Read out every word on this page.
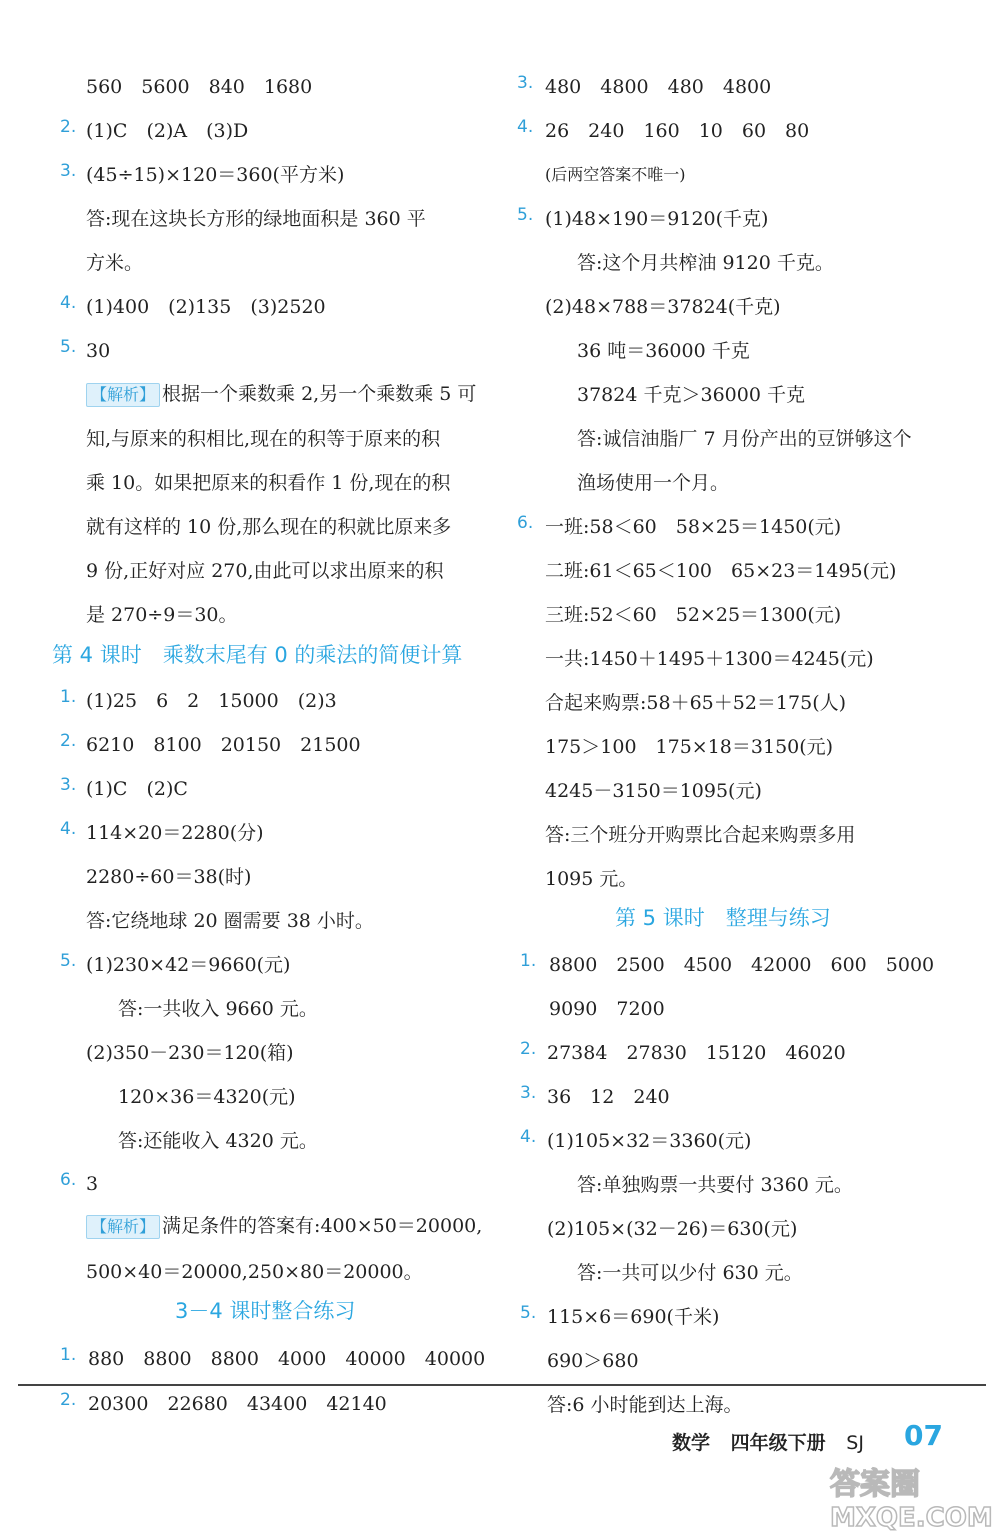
560　5600　840　1680
2. (1)C　(2)A　(3)D
3. (45÷15)×120＝360(平方米)
答:现在这块长方形的绿地面积是 360 平
方米。
4. (1)400　(2)135　(3)2520
5. 30
【解析】 根据一个乘数乘 2,另一个乘数乘 5 可
知,与原来的积相比,现在的积等于原来的积
乘 10。如果把原来的积看作 1 份,现在的积
就有这样的 10 份,那么现在的积就比原来多
9 份,正好对应 270,由此可以求出原来的积
是 270÷9＝30。
第 4 课时　乘数末尾有 0 的乘法的简便计算
1. (1)25　6　2　15000　(2)3
2. 6210　8100　20150　21500
3. (1)C　(2)C
4. 114×20＝2280(分)
2280÷60＝38(时)
答:它绕地球 20 圈需要 38 小时。
5. (1)230×42＝9660(元)
答:一共收入 9660 元。
(2)350－230＝120(箱)
120×36＝4320(元)
答:还能收入 4320 元。
6. 3
【解析】 满足条件的答案有:400×50＝20000,
500×40＝20000,250×80＝20000。
3－4 课时整合练习
1. 880　8800　8800　4000　40000　40000
2. 20300　22680　43400　42140
3. 480　4800　480　4800
4. 26　240　160　10　60　80
(后两空答案不唯一)
5. (1)48×190＝9120(千克)
答:这个月共榨油 9120 千克。
(2)48×788＝37824(千克)
36 吨＝36000 千克
37824 千克＞36000 千克
答:诚信油脂厂 7 月份产出的豆饼够这个
渔场使用一个月。
6. 一班:58＜60　58×25＝1450(元)
二班:61＜65＜100　65×23＝1495(元)
三班:52＜60　52×25＝1300(元)
一共:1450＋1495＋1300＝4245(元)
合起来购票:58＋65＋52＝175(人)
175＞100　175×18＝3150(元)
4245－3150＝1095(元)
答:三个班分开购票比合起来购票多用
1095 元。
第 5 课时　整理与练习
1. 8800　2500　4500　42000　600　5000
9090　7200
2. 27384　27830　15120　46020
3. 36　12　240
4. (1)105×32＝3360(元)
答:单独购票一共要付 3360 元。
(2)105×(32－26)＝630(元)
答:一共可以少付 630 元。
5. 115×6＝690(千米)
690＞680
答:6 小时能到达上海。
数学 四年级下册 SJ	07
答案圈
MXQE.COM
